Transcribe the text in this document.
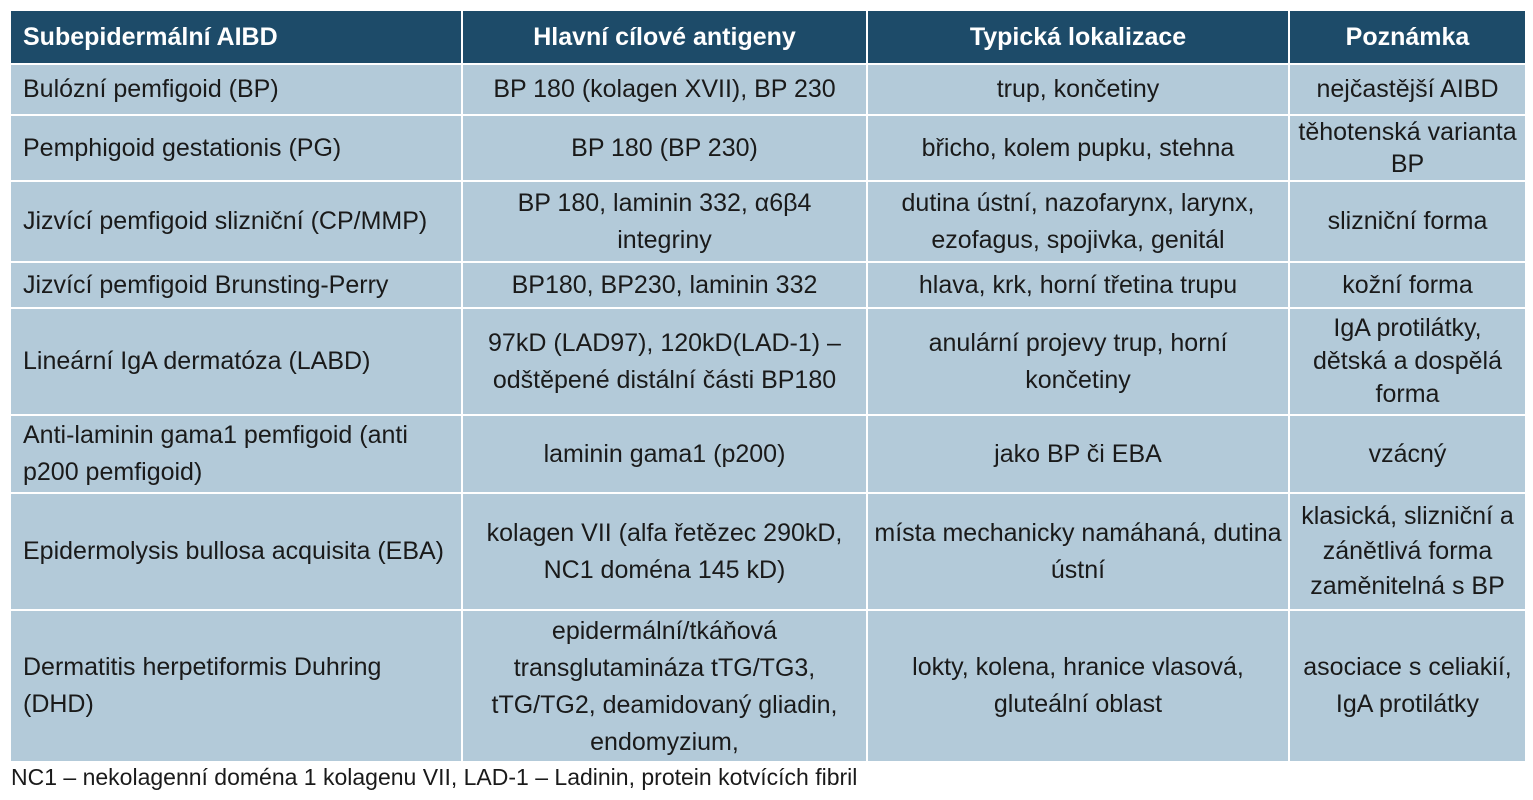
Subepidermální AIBD	Hlavní cílové antigeny	Typická lokalizace	Poznámka
Bulózní pemfigoid (BP)	BP 180 (kolagen XVII), BP 230	trup, končetiny	nejčastější AIBD
Pemphigoid gestationis (PG)	BP 180 (BP 230)	břicho, kolem pupku, stehna	těhotenská varianta BP
Jizvící pemfigoid slizniční (CP/MMP)	BP 180, laminin 332, α6β4 integriny	dutina ústní, nazofarynx, larynx, ezofagus, spojivka, genitál	slizniční forma
Jizvící pemfigoid Brunsting-Perry	BP180, BP230, laminin 332	hlava, krk, horní třetina trupu	kožní forma
Lineární IgA dermatóza (LABD)	97kD (LAD97), 120kD(LAD-1) – odštěpené distální části BP180	anulární projevy trup, horní končetiny	IgA protilátky, dětská a dospělá forma
Anti-laminin gama1 pemfigoid (anti p200 pemfigoid)	laminin gama1 (p200)	jako BP či EBA	vzácný
Epidermolysis bullosa acquisita (EBA)	kolagen VII (alfa řetězec 290kD, NC1 doména 145 kD)	místa mechanicky namáhaná, dutina ústní	klasická, slizniční a zánětlivá forma zaměnitelná s BP
Dermatitis herpetiformis Duhring (DHD)	epidermální/tkáňová transglutamináza tTG/TG3, tTG/TG2, deamidovaný gliadin, endomyzium,	lokty, kolena, hranice vlasová, gluteální oblast	asociace s celiakií, IgA protilátky
NC1 – nekolagenní doména 1 kolagenu VII, LAD-1 – Ladinin, protein kotvících fibril
